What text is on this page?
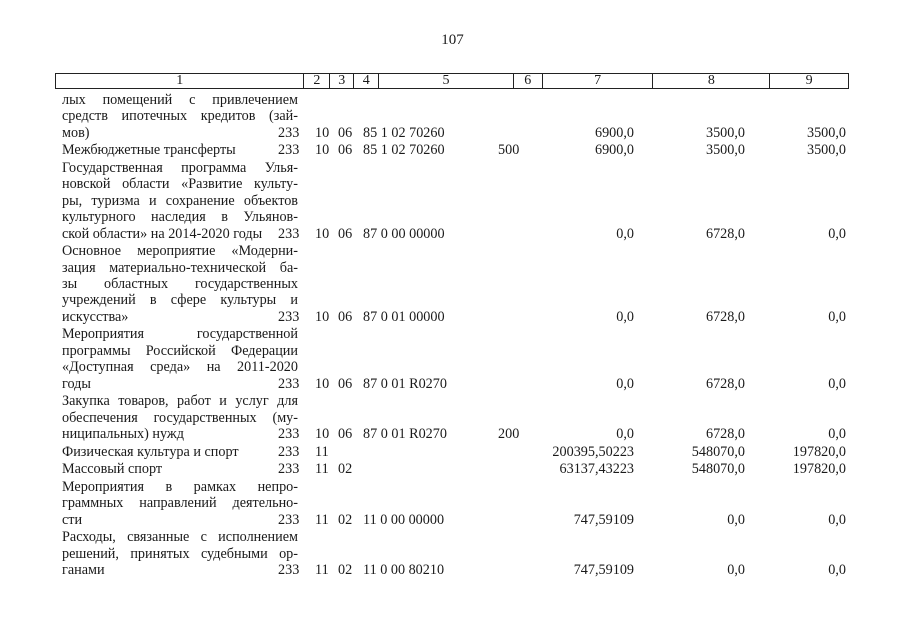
107
1	2	3	4	5	6	7	8	9
лых помещений с привлечением
средств ипотечных кредитов (зай-
мов)	233 10 06 85 1 02 70260	6900,0	3500,0	3500,0
Межбюджетные трансферты	233 10 06 85 1 02 70260	500	6900,0	3500,0	3500,0
Государственная программа Улья-
новской области «Развитие культу-
ры, туризма и сохранение объектов
культурного наследия в Ульянов-
ской области» на 2014-2020 годы	233 10 06 87 0 00 00000	0,0	6728,0	0,0
Основное мероприятие «Модерни-
зация материально-технической ба-
зы областных государственных
учреждений в сфере культуры и
искусства»	233 10 06 87 0 01 00000	0,0	6728,0	0,0
Мероприятия государственной
программы Российской Федерации
«Доступная среда» на 2011-2020
годы	233 10 06 87 0 01 R0270	0,0	6728,0	0,0
Закупка товаров, работ и услуг для
обеспечения государственных (му-
ниципальных) нужд	233 10 06 87 0 01 R0270	200	0,0	6728,0	0,0
Физическая культура и спорт	233 11	200395,50223	548070,0	197820,0
Массовый спорт	233 11 02	63137,43223	548070,0	197820,0
Мероприятия в рамках непро-
граммных направлений деятельно-
сти	233 11 02 11 0 00 00000	747,59109	0,0	0,0
Расходы, связанные с исполнением
решений, принятых судебными ор-
ганами	233 11 02 11 0 00 80210	747,59109	0,0	0,0
